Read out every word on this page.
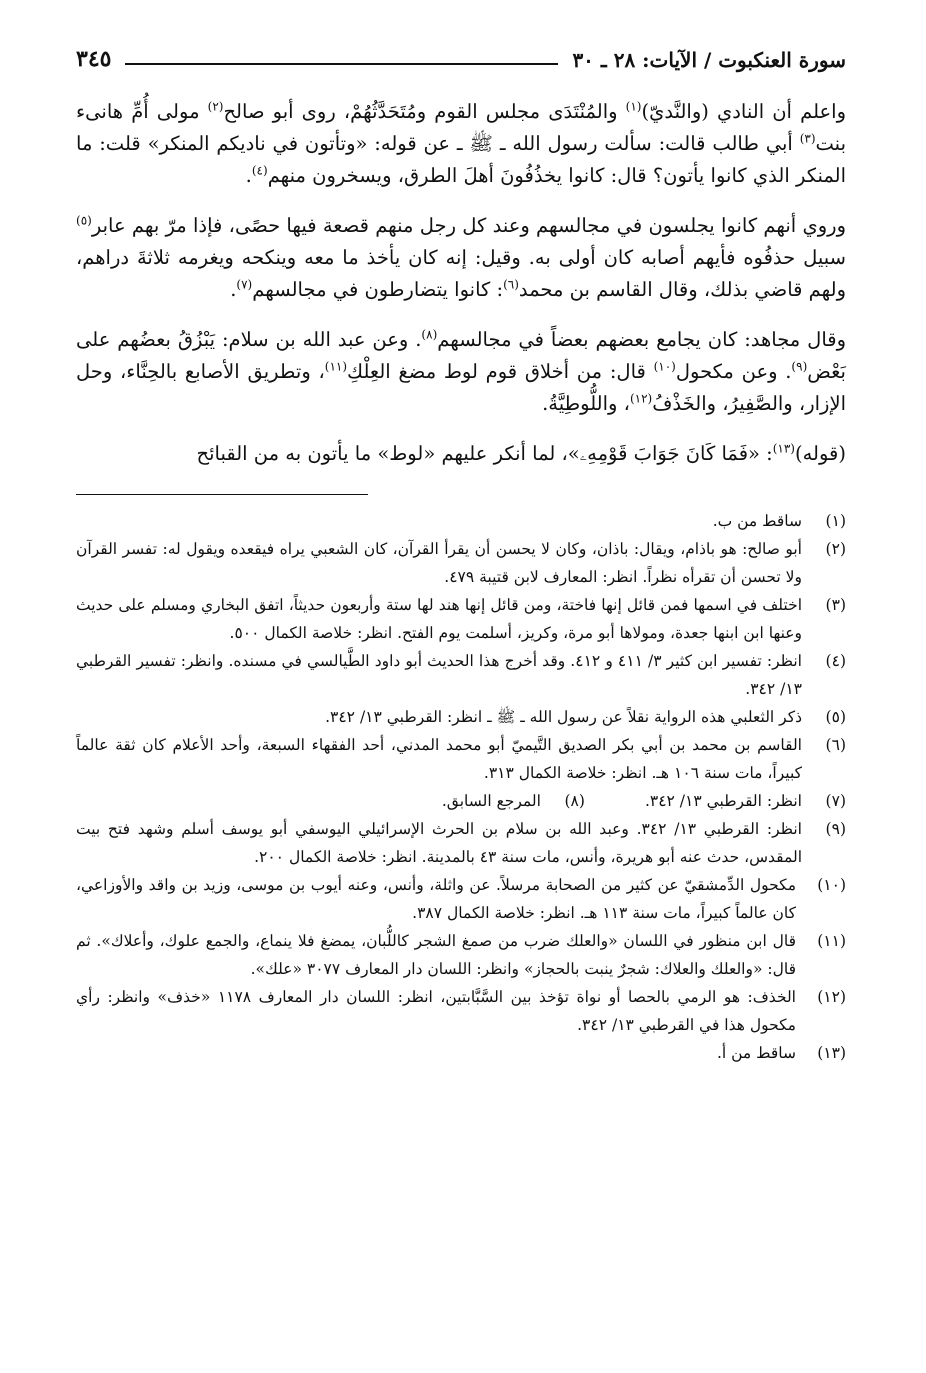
سورة العنكبوت / الآيات: ٢٨ ـ ٣٠
٣٤٥

واعلم أن النادي (والنَّديّ)$^{(١)}$ والمُنْتَدَى مجلس القوم ومُتَحَدَّثُهُمْ، روى أبو صالح$^{(٢)}$ مولى أُمِّ هانىء بنت$^{(٣)}$ أبي طالب قالت: سألت رسول الله ـ ﷺ ـ عن قوله: «وتأتون في ناديكم المنكر» قلت: ما المنكر الذي كانوا يأتون؟ قال: كانوا يخذُفُونَ أهلَ الطرق، ويسخرون منهم$^{(٤)}$.

وروي أنهم كانوا يجلسون في مجالسهم وعند كل رجل منهم قصعة فيها حصًى، فإذا مرّ بهم عابر$^{(٥)}$ سبيل حذفُوه فأيهم أصابه كان أولى به. وقيل: إنه كان يأخذ ما معه وينكحه ويغرمه ثلاثةَ دراهم، ولهم قاضي بذلك، وقال القاسم بن محمد$^{(٦)}$: كانوا يتضارطون في مجالسهم$^{(٧)}$.

وقال مجاهد: كان يجامع بعضهم بعضاً في مجالسهم$^{(٨)}$. وعن عبد الله بن سلام: يَبْزُقُ بعضُهم على بَعْض$^{(٩)}$. وعن مكحول$^{(١٠)}$ قال: من أخلاق قوم لوط مضغ العِلْكِ$^{(١١)}$، وتطريق الأصابع بالحِنَّاء، وحل الإزار، والصَّفِيرُ، والخَذْفُ$^{(١٢)}$، واللُّوطِيَّةُ.

(قوله)$^{(١٣)}$: «فَمَا كَانَ جَوَابَ قَوْمِهِۦ»، لما أنكر عليهم «لوط» ما يأتون به من القبائح

(١)
ساقط من ب.
(٢)
أبو صالح: هو باذام، ويقال: باذان، وكان لا يحسن أن يقرأ القرآن، كان الشعبي يراه فيقعده ويقول له: تفسر القرآن ولا تحسن أن تقرأه نظراً. انظر: المعارف لابن قتيبة ٤٧٩.
(٣)
اختلف في اسمها فمن قائل إنها فاختة، ومن قائل إنها هند لها ستة وأربعون حديثاً، اتفق البخاري ومسلم على حديث وعنها ابن ابنها جعدة، ومولاها أبو مرة، وكريز، أسلمت يوم الفتح. انظر: خلاصة الكمال ٥٠٠.
(٤)
انظر: تفسير ابن كثير ٣/ ٤١١ و ٤١٢. وقد أخرج هذا الحديث أبو داود الطَّيالسي في مسنده. وانظر: تفسير القرطبي ١٣/ ٣٤٢.
(٥)
ذكر الثعلبي هذه الرواية نقلاً عن رسول الله ـ ﷺ ـ انظر: القرطبي ١٣/ ٣٤٢.
(٦)
القاسم بن محمد بن أبي بكر الصديق التَّيميّ أبو محمد المدني، أحد الفقهاء السبعة، وأحد الأعلام كان ثقة عالماً كبيراً، مات سنة ١٠٦ هـ. انظر: خلاصة الكمال ٣١٣.
(٧)
انظر: القرطبي ١٣/ ٣٤٢.
(٨)
المرجع السابق.
(٩)
انظر: القرطبي ١٣/ ٣٤٢. وعبد الله بن سلام بن الحرث الإسرائيلي اليوسفي أبو يوسف أسلم وشهد فتح بيت المقدس، حدث عنه أبو هريرة، وأنس، مات سنة ٤٣ بالمدينة. انظر: خلاصة الكمال ٢٠٠.
(١٠)
مكحول الدِّمشقيّ عن كثير من الصحابة مرسلاً. عن واثلة، وأنس، وعنه أيوب بن موسى، وزيد بن واقد والأوزاعي، كان عالماً كبيراً، مات سنة ١١٣ هـ. انظر: خلاصة الكمال ٣٨٧.
(١١)
قال ابن منظور في اللسان «والعلك ضرب من صمغ الشجر كاللُّبان، يمضغ فلا ينماع، والجمع علوك، وأعلاك». ثم قال: «والعلك والعلاك: شجرٌ ينبت بالحجاز» وانظر: اللسان دار المعارف ٣٠٧٧ «علك».
(١٢)
الخذف: هو الرمي بالحصا أو نواة تؤخذ بين السَّبَّابتين، انظر: اللسان دار المعارف ١١٧٨ «خذف» وانظر: رأي مكحول هذا في القرطبي ١٣/ ٣٤٢.
(١٣)
ساقط من أ.
